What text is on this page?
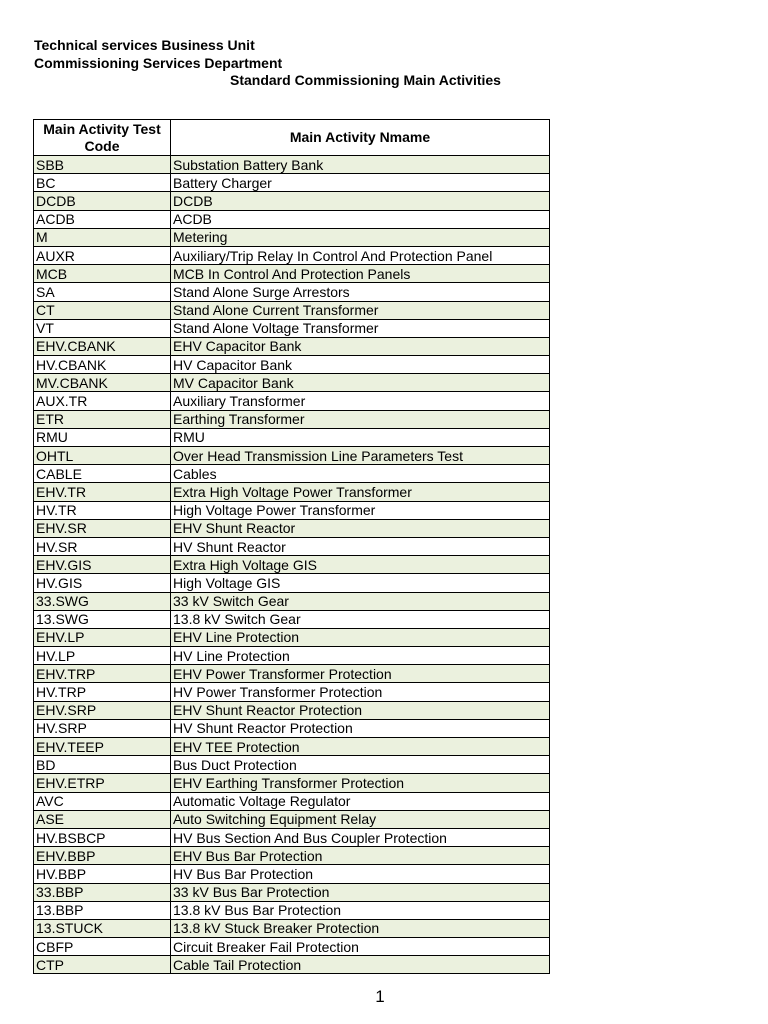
Technical services Business Unit
Commissioning Services Department
Standard Commissioning Main Activities
Main Activity Test Code	Main Activity Nmame
SBB	Substation Battery Bank
BC	Battery Charger
DCDB	DCDB
ACDB	ACDB
M	Metering
AUXR	Auxiliary/Trip Relay In Control And Protection Panel
MCB	MCB In Control And Protection Panels
SA	Stand Alone Surge Arrestors
CT	Stand Alone Current Transformer
VT	Stand Alone Voltage Transformer
EHV.CBANK	EHV Capacitor Bank
HV.CBANK	HV Capacitor Bank
MV.CBANK	MV Capacitor Bank
AUX.TR	Auxiliary Transformer
ETR	Earthing Transformer
RMU	RMU
OHTL	Over Head Transmission Line Parameters Test
CABLE	Cables
EHV.TR	Extra High Voltage Power Transformer
HV.TR	High Voltage Power Transformer
EHV.SR	EHV Shunt Reactor
HV.SR	HV Shunt Reactor
EHV.GIS	Extra High Voltage GIS
HV.GIS	High Voltage GIS
33.SWG	33 kV Switch Gear
13.SWG	13.8 kV Switch Gear
EHV.LP	EHV Line Protection
HV.LP	HV Line Protection
EHV.TRP	EHV Power Transformer Protection
HV.TRP	HV Power Transformer Protection
EHV.SRP	EHV Shunt Reactor Protection
HV.SRP	HV Shunt Reactor Protection
EHV.TEEP	EHV TEE Protection
BD	Bus Duct Protection
EHV.ETRP	EHV Earthing Transformer Protection
AVC	Automatic Voltage Regulator
ASE	Auto Switching Equipment Relay
HV.BSBCP	HV Bus Section And Bus Coupler Protection
EHV.BBP	EHV Bus Bar Protection
HV.BBP	HV Bus Bar Protection
33.BBP	33 kV Bus Bar Protection
13.BBP	13.8 kV Bus Bar Protection
13.STUCK	13.8 kV Stuck Breaker Protection
CBFP	Circuit Breaker Fail Protection
CTP	Cable Tail Protection
1
